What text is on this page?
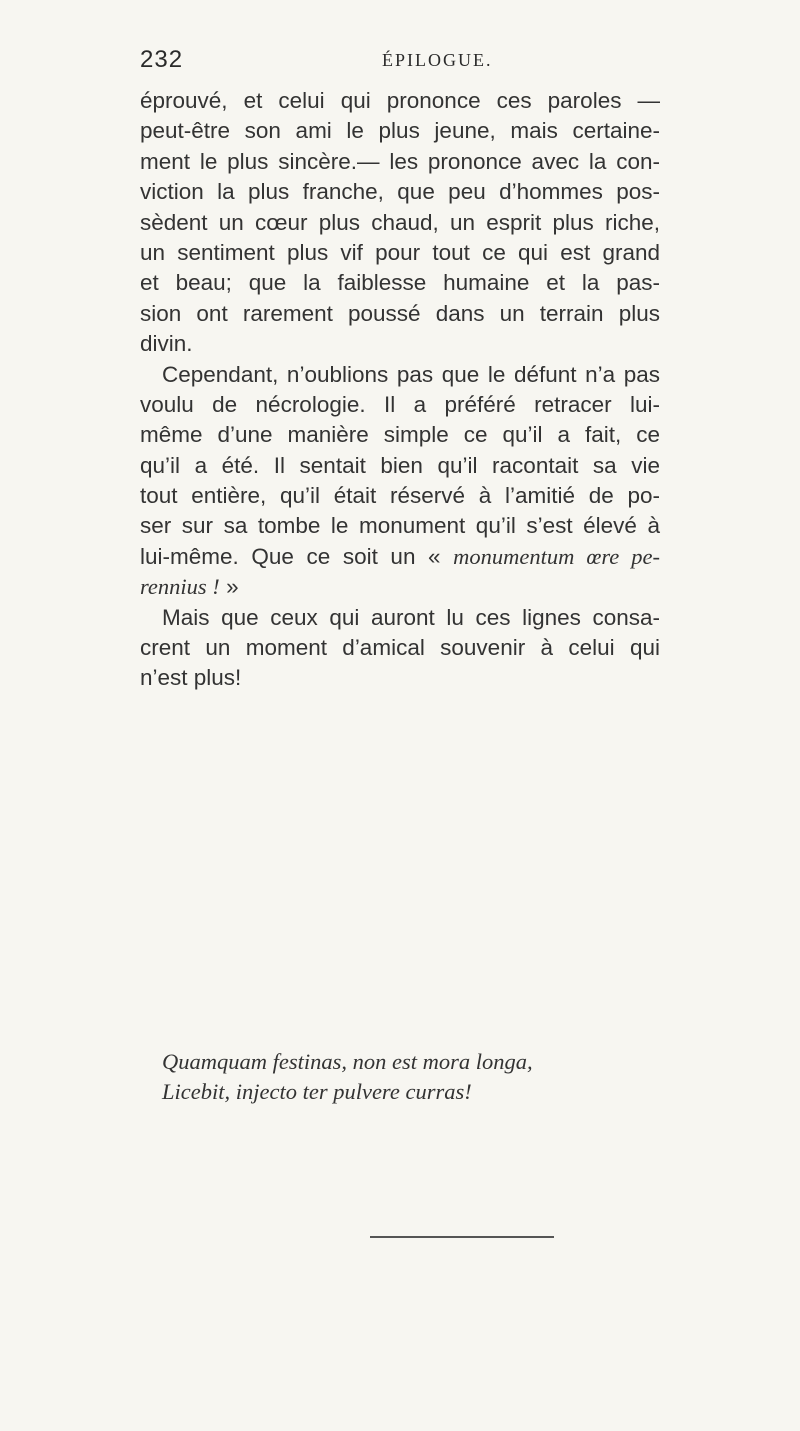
232	ÉPILOGUE.
éprouvé, et celui qui prononce ces paroles —
peut-être son ami le plus jeune, mais certaine-
ment le plus sincère.— les prononce avec la con-
viction la plus franche, que peu d’hommes pos-
sèdent un cœur plus chaud, un esprit plus riche,
un sentiment plus vif pour tout ce qui est grand
et beau; que la faiblesse humaine et la pas-
sion ont rarement poussé dans un terrain plus
divin.
Cependant, n’oublions pas que le défunt n’a pas
voulu de nécrologie. Il a préféré retracer lui-
même d’une manière simple ce qu’il a fait, ce
qu’il a été. Il sentait bien qu’il racontait sa vie
tout entière, qu’il était réservé à l’amitié de po-
ser sur sa tombe le monument qu’il s’est élevé à
lui-même. Que ce soit un « monumentum œre pe-
rennius ! »
Mais que ceux qui auront lu ces lignes consa-
crent un moment d’amical souvenir à celui qui
n’est plus!
Quamquam festinas, non est mora longa,
Licebit, injecto ter pulvere curras!
